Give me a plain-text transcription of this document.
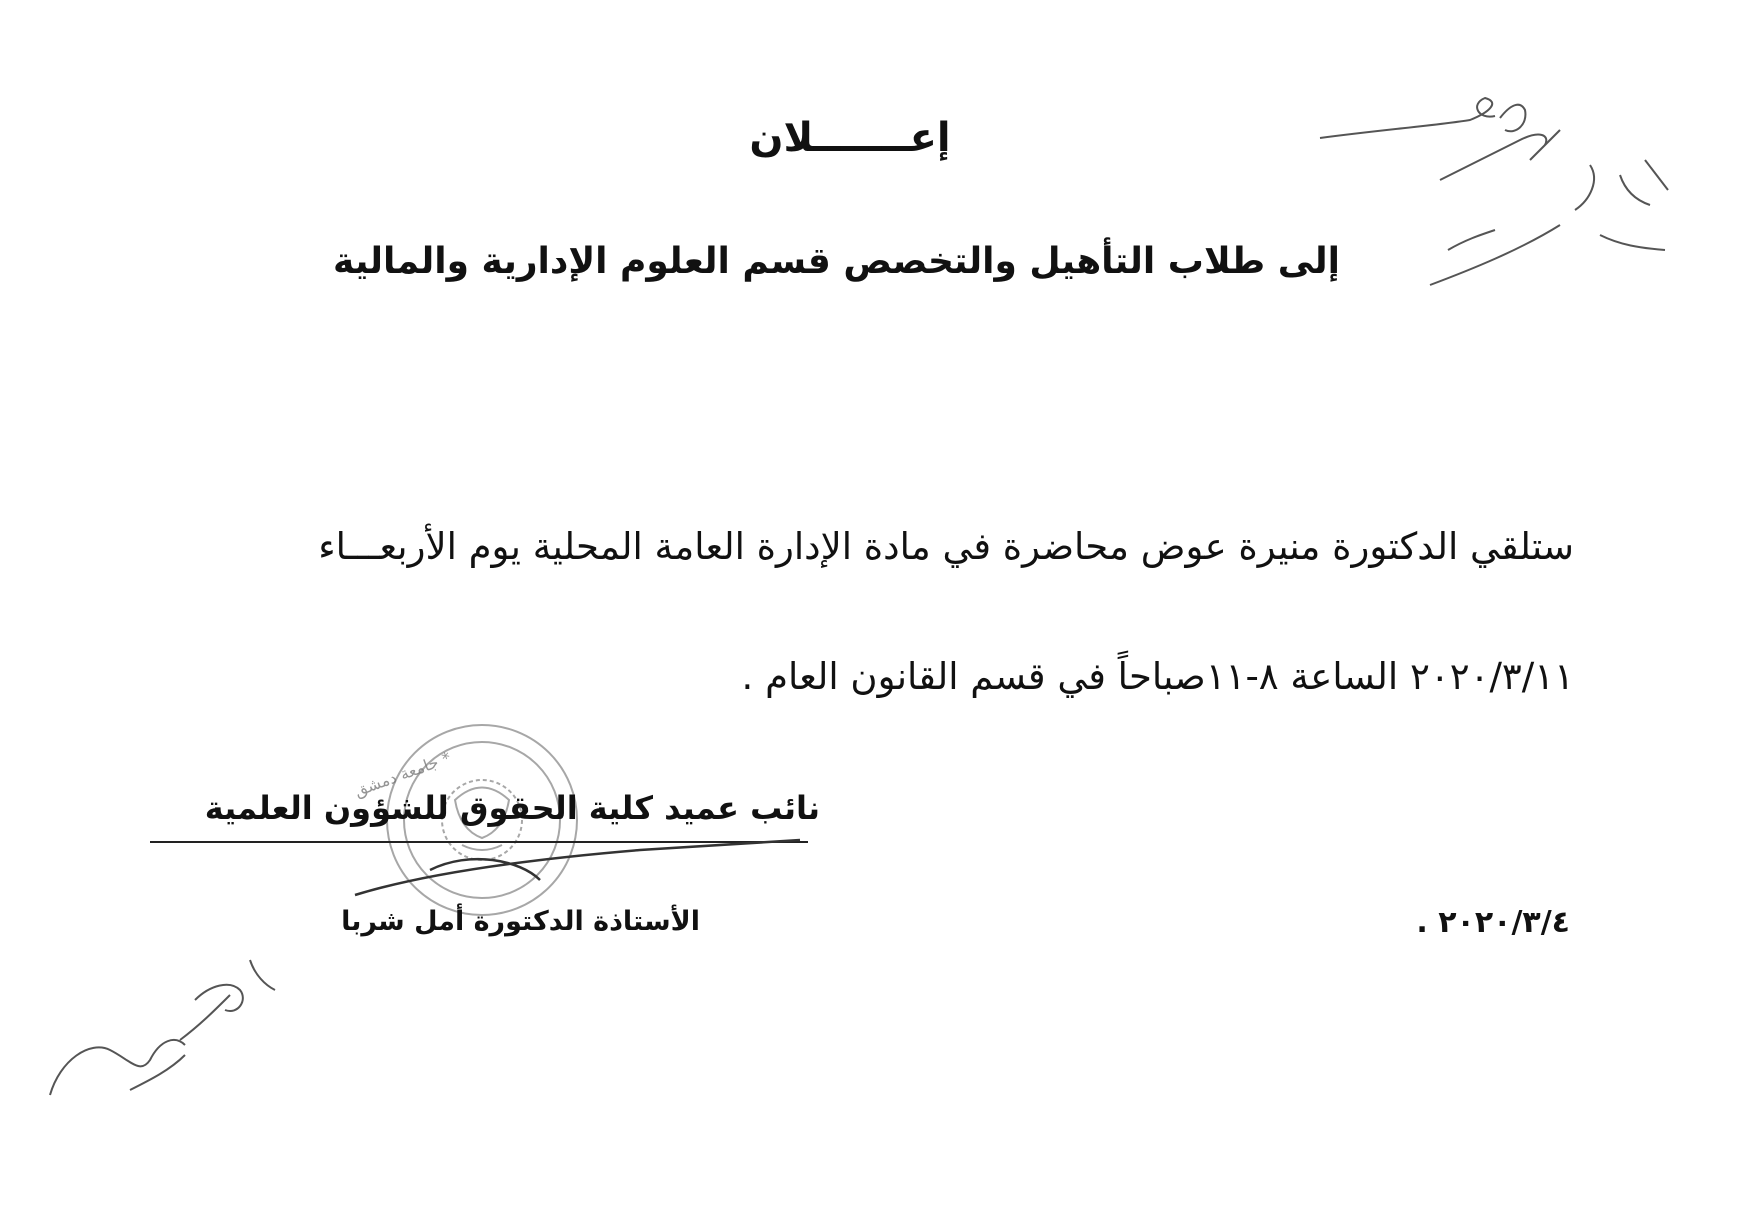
إعـــــــلان
إلى طلاب التأهيل والتخصص قسم العلوم الإدارية والمالية
ستلقي الدكتورة منيرة عوض محاضرة في مادة الإدارة العامة المحلية يوم الأربعـــاء
٢٠٢٠/٣/١١ الساعة ٨-١١صباحاً في قسم القانون العام .
* جامعة دمشق
نائب عميد كلية الحقوق للشؤون العلمية
الأستاذة الدكتورة أمل شربا	٢٠٢٠/٣/٤ .
